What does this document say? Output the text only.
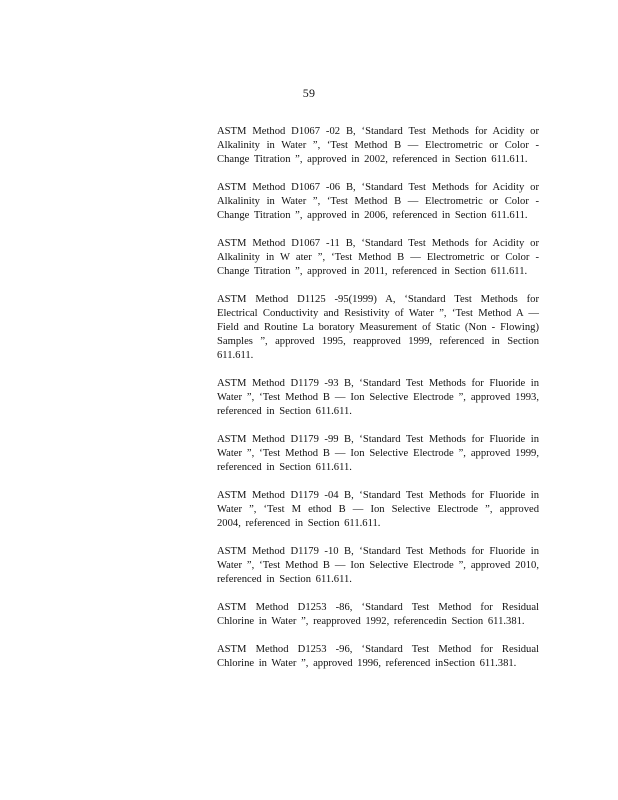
59

ASTM Method D1067 -02 B, ‘Standard Test Methods for Acidity or Alkalinity in Water ”, ‘Test Method B — Electrometric or Color - Change Titration ”, approved in 2002, referenced in Section 611.611.

ASTM Method D1067 -06 B, ‘Standard Test Methods for Acidity or Alkalinity in Water ”, ‘Test Method B — Electrometric or Color - Change Titration ”, approved in 2006, referenced in Section 611.611.

ASTM Method D1067 -11 B, ‘Standard Test Methods for Acidity or Alkalinity in W ater ”, ‘Test Method B — Electrometric or Color - Change Titration ”, approved in 2011, referenced in Section 611.611.

ASTM Method D1125 -95(1999) A, ‘Standard Test Methods for Electrical Conductivity and Resistivity of Water ”, ‘Test Method A — Field and Routine La boratory Measurement of Static (Non - Flowing) Samples ”, approved 1995, reapproved 1999, referenced in Section 611.611.

ASTM Method D1179 -93 B, ‘Standard Test Methods for Fluoride in Water ”, ‘Test Method B — Ion Selective Electrode ”, approved 1993, referenced in Section 611.611.

ASTM Method D1179 -99 B, ‘Standard Test Methods for Fluoride in Water ”, ‘Test Method B — Ion Selective Electrode ”, approved 1999, referenced in Section 611.611.

ASTM Method D1179 -04 B, ‘Standard Test Methods for Fluoride in Water ”, ‘Test M ethod B — Ion Selective Electrode ”, approved 2004, referenced in Section 611.611.

ASTM Method D1179 -10 B, ‘Standard Test Methods for Fluoride in Water ”, ‘Test Method B — Ion Selective Electrode ”, approved 2010, referenced in Section 611.611.

ASTM Method D1253 -86, ‘Standard Test Method for Residual Chlorine in Water ”, reapproved 1992, referencedin Section 611.381.

ASTM Method D1253 -96, ‘Standard Test Method for Residual Chlorine in Water ”, approved 1996, referenced inSection 611.381.
